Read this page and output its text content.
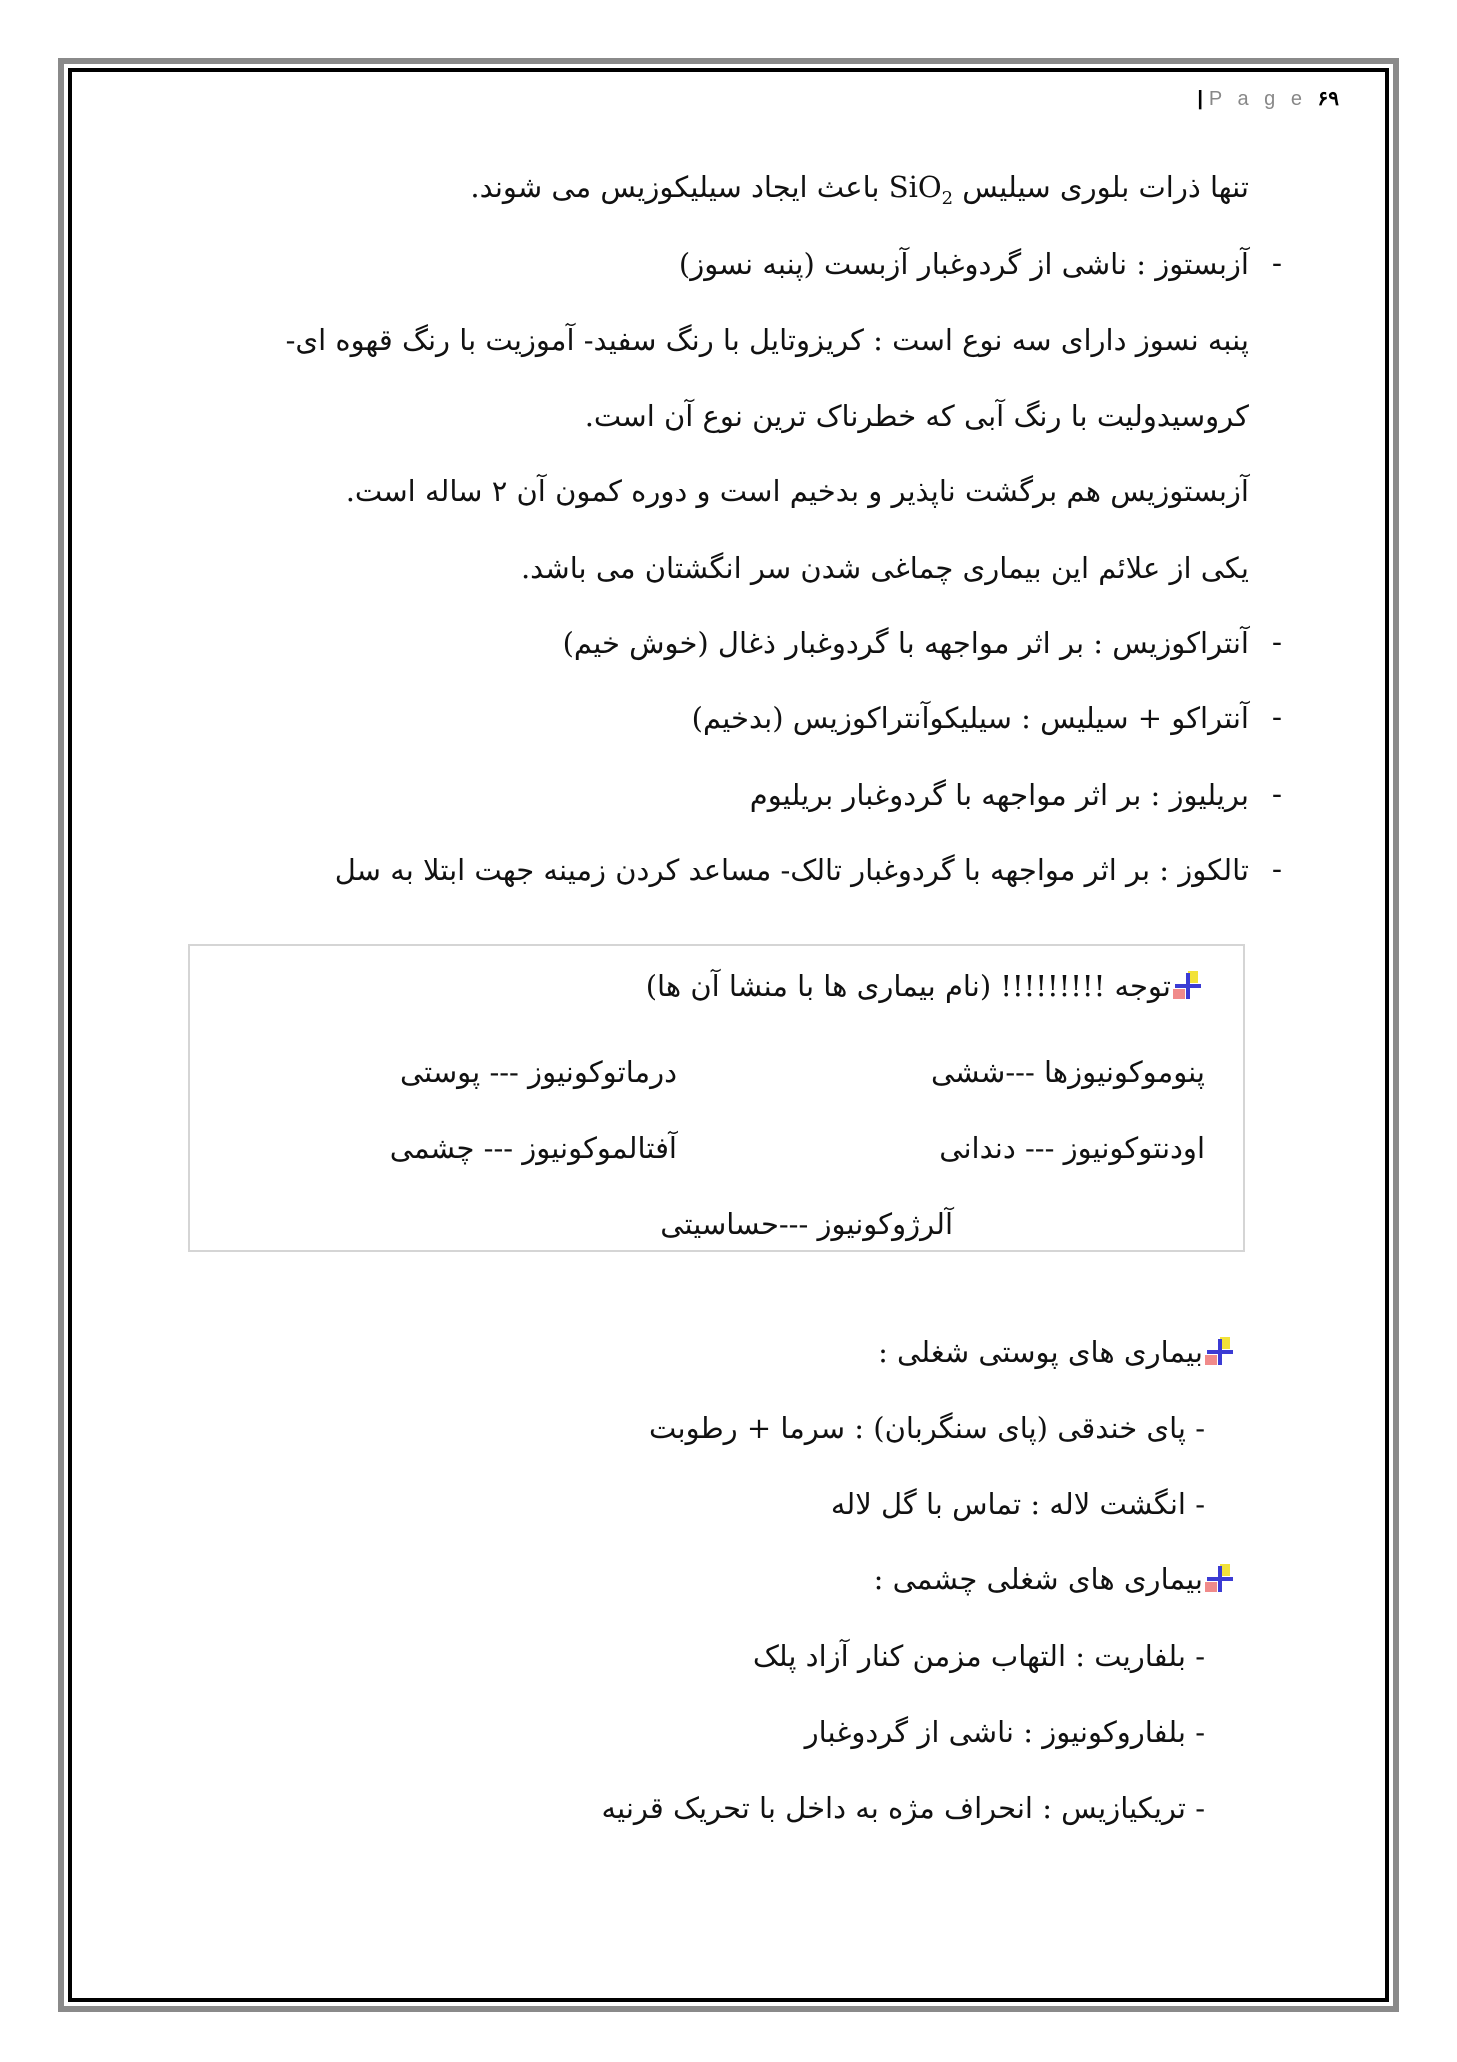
| P a g e ۶۹
تنها ذرات بلوری سیلیس SiO$_2$ باعث ایجاد سیلیکوزیس می شوند.
-
آزبستوز : ناشی از گردوغبار آزبست (پنبه نسوز)
پنبه نسوز دارای سه نوع است : کریزوتایل با رنگ سفید- آموزیت با رنگ قهوه ای-
کروسیدولیت با رنگ آبی که خطرناک ترین نوع آن است.
آزبستوزیس هم برگشت ناپذیر و بدخیم است و دوره کمون آن ۲ ساله است.
یکی از علائم این بیماری چماغی شدن سر انگشتان می باشد.
-
آنتراکوزیس : بر اثر مواجهه با گردوغبار ذغال (خوش خیم)
-
آنتراکو + سیلیس : سیلیکوآنتراکوزیس (بدخیم)
-
بریلیوز : بر اثر مواجهه با گردوغبار بریلیوم
-
تالکوز : بر اثر مواجهه با گردوغبار تالک- مساعد کردن زمینه جهت ابتلا به سل
توجه !!!!!!!!! (نام بیماری ها با منشا آن ها)
پنوموکونیوزها ---ششی
درماتوکونیوز --- پوستی
اودنتوکونیوز --- دندانی
آفتالموکونیوز --- چشمی
آلرژوکونیوز ---حساسیتی
بیماری های پوستی شغلی :
- پای خندقی (پای سنگربان) : سرما + رطوبت
- انگشت لاله : تماس با گل لاله
بیماری های شغلی چشمی :
- بلفاریت : التهاب مزمن کنار آزاد پلک
- بلفاروکونیوز : ناشی از گردوغبار
- تریکیازیس : انحراف مژه به داخل با تحریک قرنیه
